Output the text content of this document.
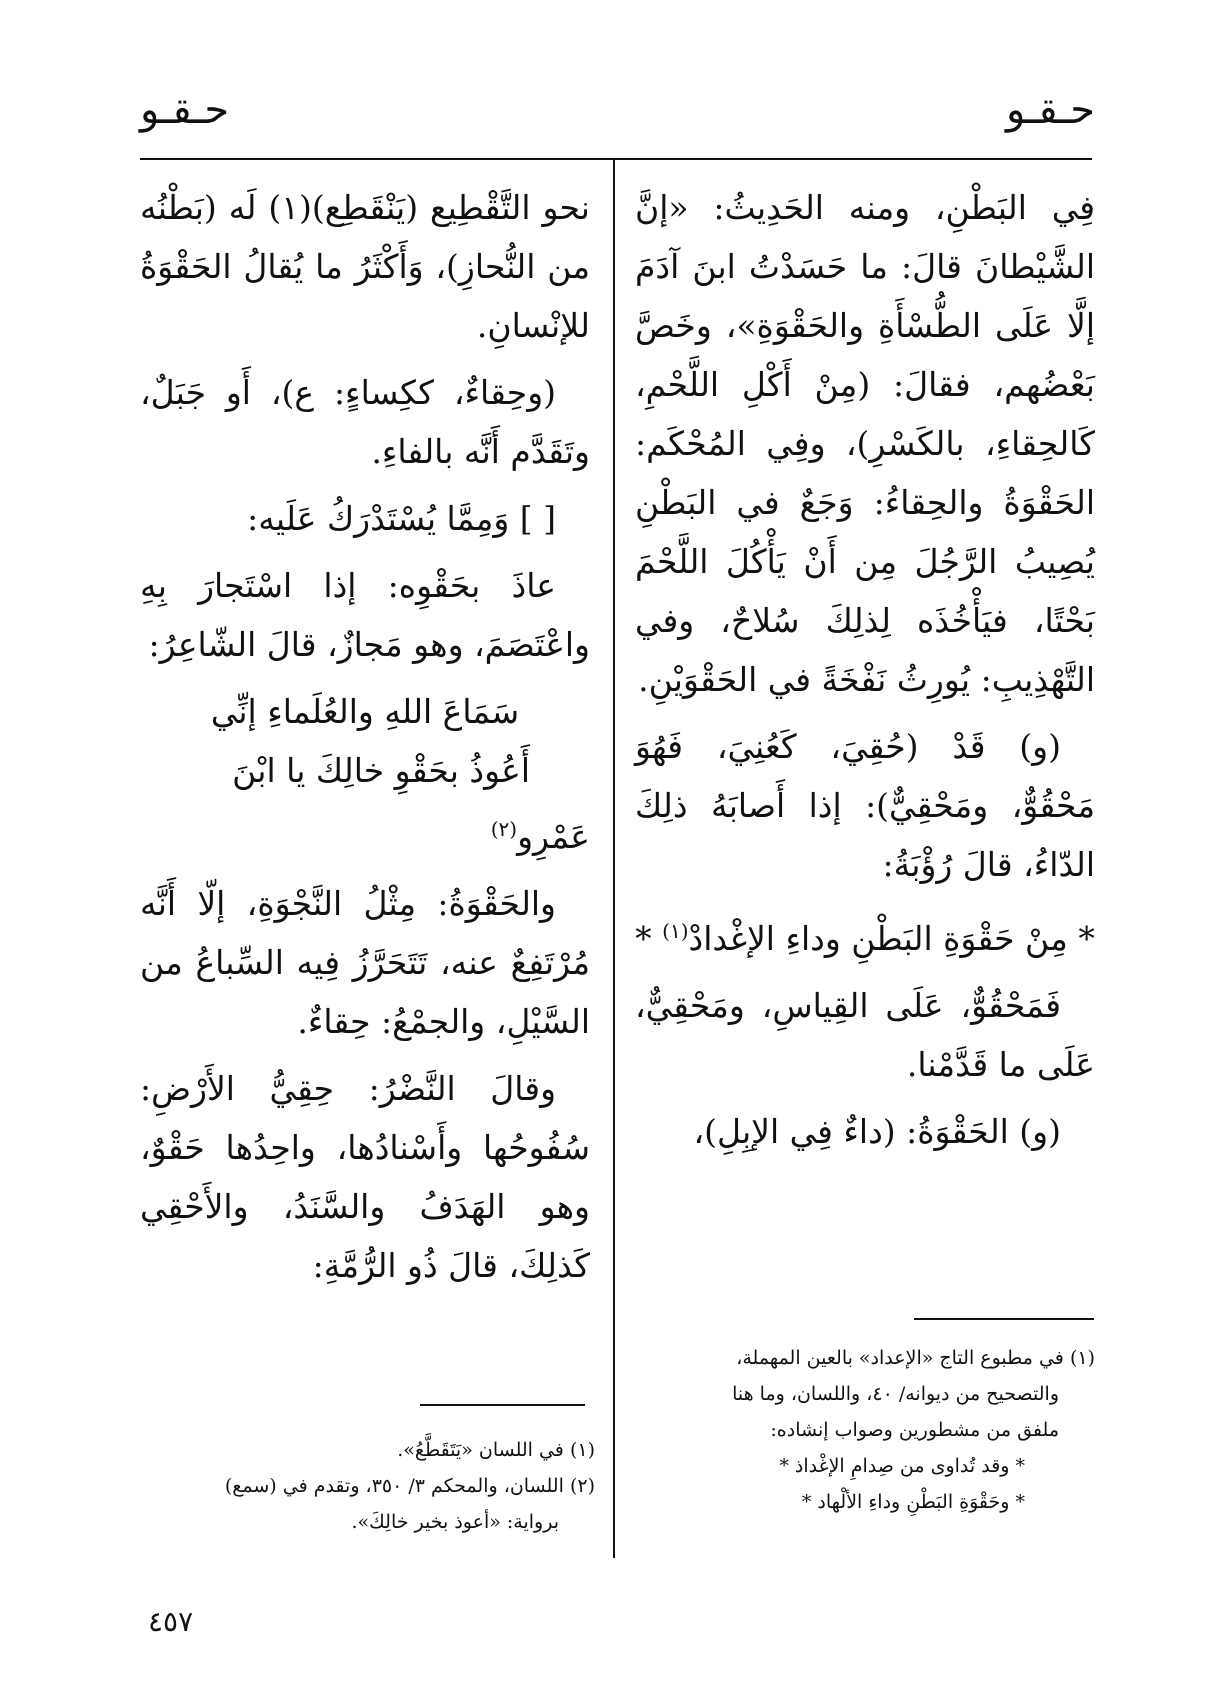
حـقـو
حـقـو

فِي البَطْنِ، ومنه الحَدِيثُ: «إنَّ الشَّيْطانَ قالَ: ما حَسَدْتُ ابنَ آدَمَ إلَّا عَلَى الطُّسْأَةِ والحَقْوَةِ»، وخَصَّ بَعْضُهم، فقالَ: (مِنْ أَكْلِ اللَّحْمِ، كَالحِقاءِ، بالكَسْرِ)، وفِي المُحْكَم: الحَقْوَةُ والحِقاءُ: وَجَعٌ في البَطْنِ يُصِيبُ الرَّجُلَ مِن أَنْ يَأْكُلَ اللَّحْمَ بَحْتًا، فيَأْخُذَه لِذلِكَ سُلاحٌ، وفي التَّهْذِيبِ: يُورِثُ نَفْخَةً في الحَقْوَيْنِ.

(و) قَدْ (حُقِيَ، كَعُنِيَ، فَهُوَ مَحْقُوٌّ، ومَحْقِيٌّ): إذا أَصابَهُ ذلِكَ الدّاءُ، قالَ رُؤْبَةُ:

* مِنْ حَقْوَةِ البَطْنِ وداءِ الإغْدادْ$^{(١)}$ *

فَمَحْقُوٌّ، عَلَى القِياسِ، ومَحْقِيٌّ، عَلَى ما قَدَّمْنا.

(و) الحَقْوَةُ: (داءٌ فِي الإبِلِ)،

نحو التَّقْطِيع (يَنْقَطِع)(١) لَه (بَطْنُه من النُّحازِ)، وَأَكْثَرُ ما يُقالُ الحَقْوَةُ للإنْسانِ.

(وحِقاءٌ، ككِساءٍ: ع)، أَو جَبَلٌ، وتَقَدَّم أَنَّه بالفاءِ.

[ ] وَمِمَّا يُسْتَدْرَكُ عَلَيه:

عاذَ بحَقْوِه: إذا اسْتَجارَ بِهِ واعْتَصَمَ، وهو مَجازٌ، قالَ الشّاعِرُ:

سَمَاعَ اللهِ والعُلَماءِ إنِّي
أَعُوذُ بحَقْوِ خالِكَ يا ابْنَ عَمْرِو$^{(٢)}$

والحَقْوَةُ: مِثْلُ النَّجْوَةِ، إلّا أَنَّه مُرْتَفِعٌ عنه، تَتَحَرَّزُ فِيه السِّباعُ من السَّيْلِ، والجمْعُ: حِقاءٌ.

وقالَ النَّضْرُ: حِقِيُّ الأَرْضِ: سُفُوحُها وأَسْنادُها، واحِدُها حَقْوٌ، وهو الهَدَفُ والسَّنَدُ، والأَحْقِي كَذلِكَ، قالَ ذُو الرُّمَّةِ:

(١) في مطبوع التاج «الإعداد» بالعين المهملة،
والتصحيح من ديوانه/ ٤٠، واللسان، وما هنا
ملفق من مشطورين وصواب إنشاده:
* وقد تُداوى من صِدامِ الإغْداذ *
* وحَقْوَةِ البَطْنِ وداءِ الألْهاد *

(١) في اللسان «يَتَقَطَّعُ».

(٢) اللسان، والمحكم ٣/ ٣٥٠، وتقدم في (سمع)
برواية: «أعوذ بخير خالِكَ».

٤٥٧
